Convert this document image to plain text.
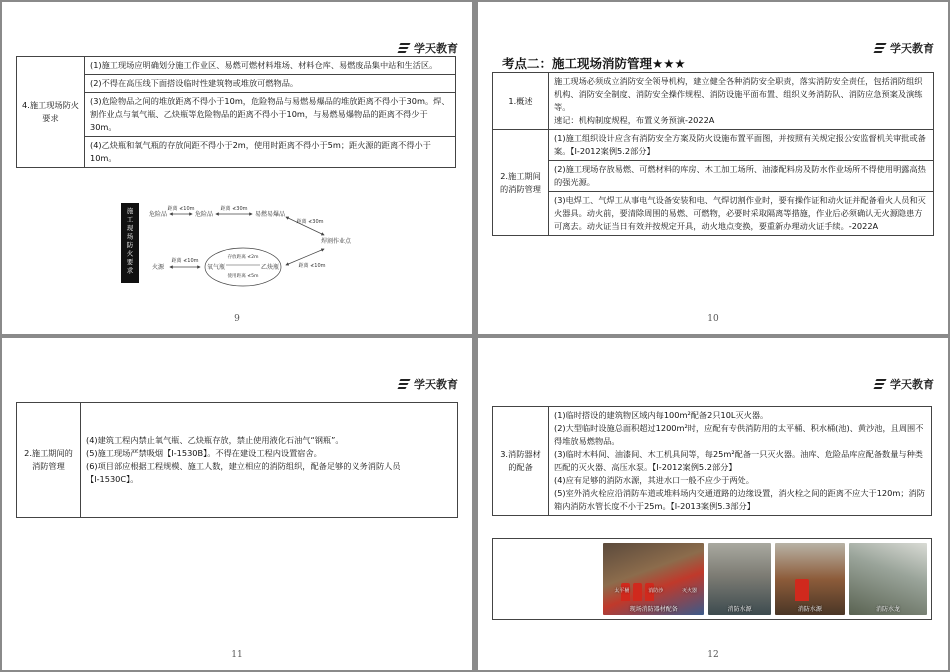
学天教育
4.施工现场防火要求	(1)施工现场应明确划分施工作业区、易燃可燃材料堆场、材料仓库、易燃废品集中站和生活区。
(2)不得在高压线下面搭设临时性建筑物或堆放可燃物品。
(3)危险物品之间的堆放距离不得小于10m，危险物品与易燃易爆品的堆放距离不得小于30m。焊、割作业点与氧气瓶、乙炔瓶等危险物品的距离不得小于10m，与易燃易爆物品的距离不得少于30m。
(4)乙炔瓶和氧气瓶的存放间距不得小于2m，使用时距离不得小于5m；距火源的距离不得小于10m。
施工现场防火要求
危险品	危险品	易燃易爆品
火源
焊割作业点
氧气瓶	乙炔瓶
距离 ≮10m	距离 ≮30m
距离 ≮30m
距离 ≮10m
距离 ≮10m
存放距离 ≮2m
使用距离 ≮5m
9
学天教育
考点二：施工现场消防管理★★★
1.概述	施工现场必须成立消防安全领导机构，建立健全各种消防安全职责，落实消防安全责任，包括消防组织机构、消防安全制度、消防安全操作规程、消防设施平面布置、组织义务消防队、消防应急预案及演练等。
速记：机构制度规程，布置义务预演-2022A

2.施工期间的消防管理	(1)施工组织设计应含有消防安全方案及防火设施布置平面图，并按照有关规定报公安监督机关审批或备案。【Ⅰ-2012案例5.2部分】
	(2)施工现场存放易燃、可燃材料的库房、木工加工场所、油漆配料房及防水作业场所不得使用明露高热的强光源。
	(3)电焊工、气焊工从事电气设备安装和电、气焊切割作业时，要有操作证和动火证并配备看火人员和灭火器具。动火前，要清除周围的易燃、可燃物，必要时采取隔离等措施，作业后必须确认无火源隐患方可离去。动火证当日有效并按规定开具，动火地点变换，要重新办理动火证手续。-2022A
10
学天教育
2.施工期间的消防管理	
(4)建筑工程内禁止氧气瓶、乙炔瓶存放，禁止使用液化石油气“钢瓶”。
(5)施工现场严禁吸烟【Ⅰ-1530B】。不得在建设工程内设置宿舍。
(6)项目部应根据工程规模、施工人数，建立相应的消防组织，配备足够的义务消防人员【Ⅰ-1530C】。
11
学天教育
3.消防器材的配备	
(1)临时搭设的建筑物区域内每100m²配备2只10L灭火器。
(2)大型临时设施总面积超过1200m²时，应配有专供消防用的太平桶、积水桶(池)、黄沙池，且周围不得堆放易燃物品。
(3)临时木料间、油漆间、木工机具间等，每25m²配备一只灭火器。油库、危险品库应配备数量与种类匹配的灭火器、高压水泵。【Ⅰ-2012案例5.2部分】
(4)应有足够的消防水源，其进水口一般不应少于两处。
(5)室外消火栓应沿消防车道或堆料场内交通道路的边缘设置，消火栓之间的距离不应大于120m；消防箱内消防水管长度不小于25m。【Ⅰ-2013案例5.3部分】
太平桶	消防沙	灭火器
现场消防器材配备	消防水源	消防水源	消防水龙
12
